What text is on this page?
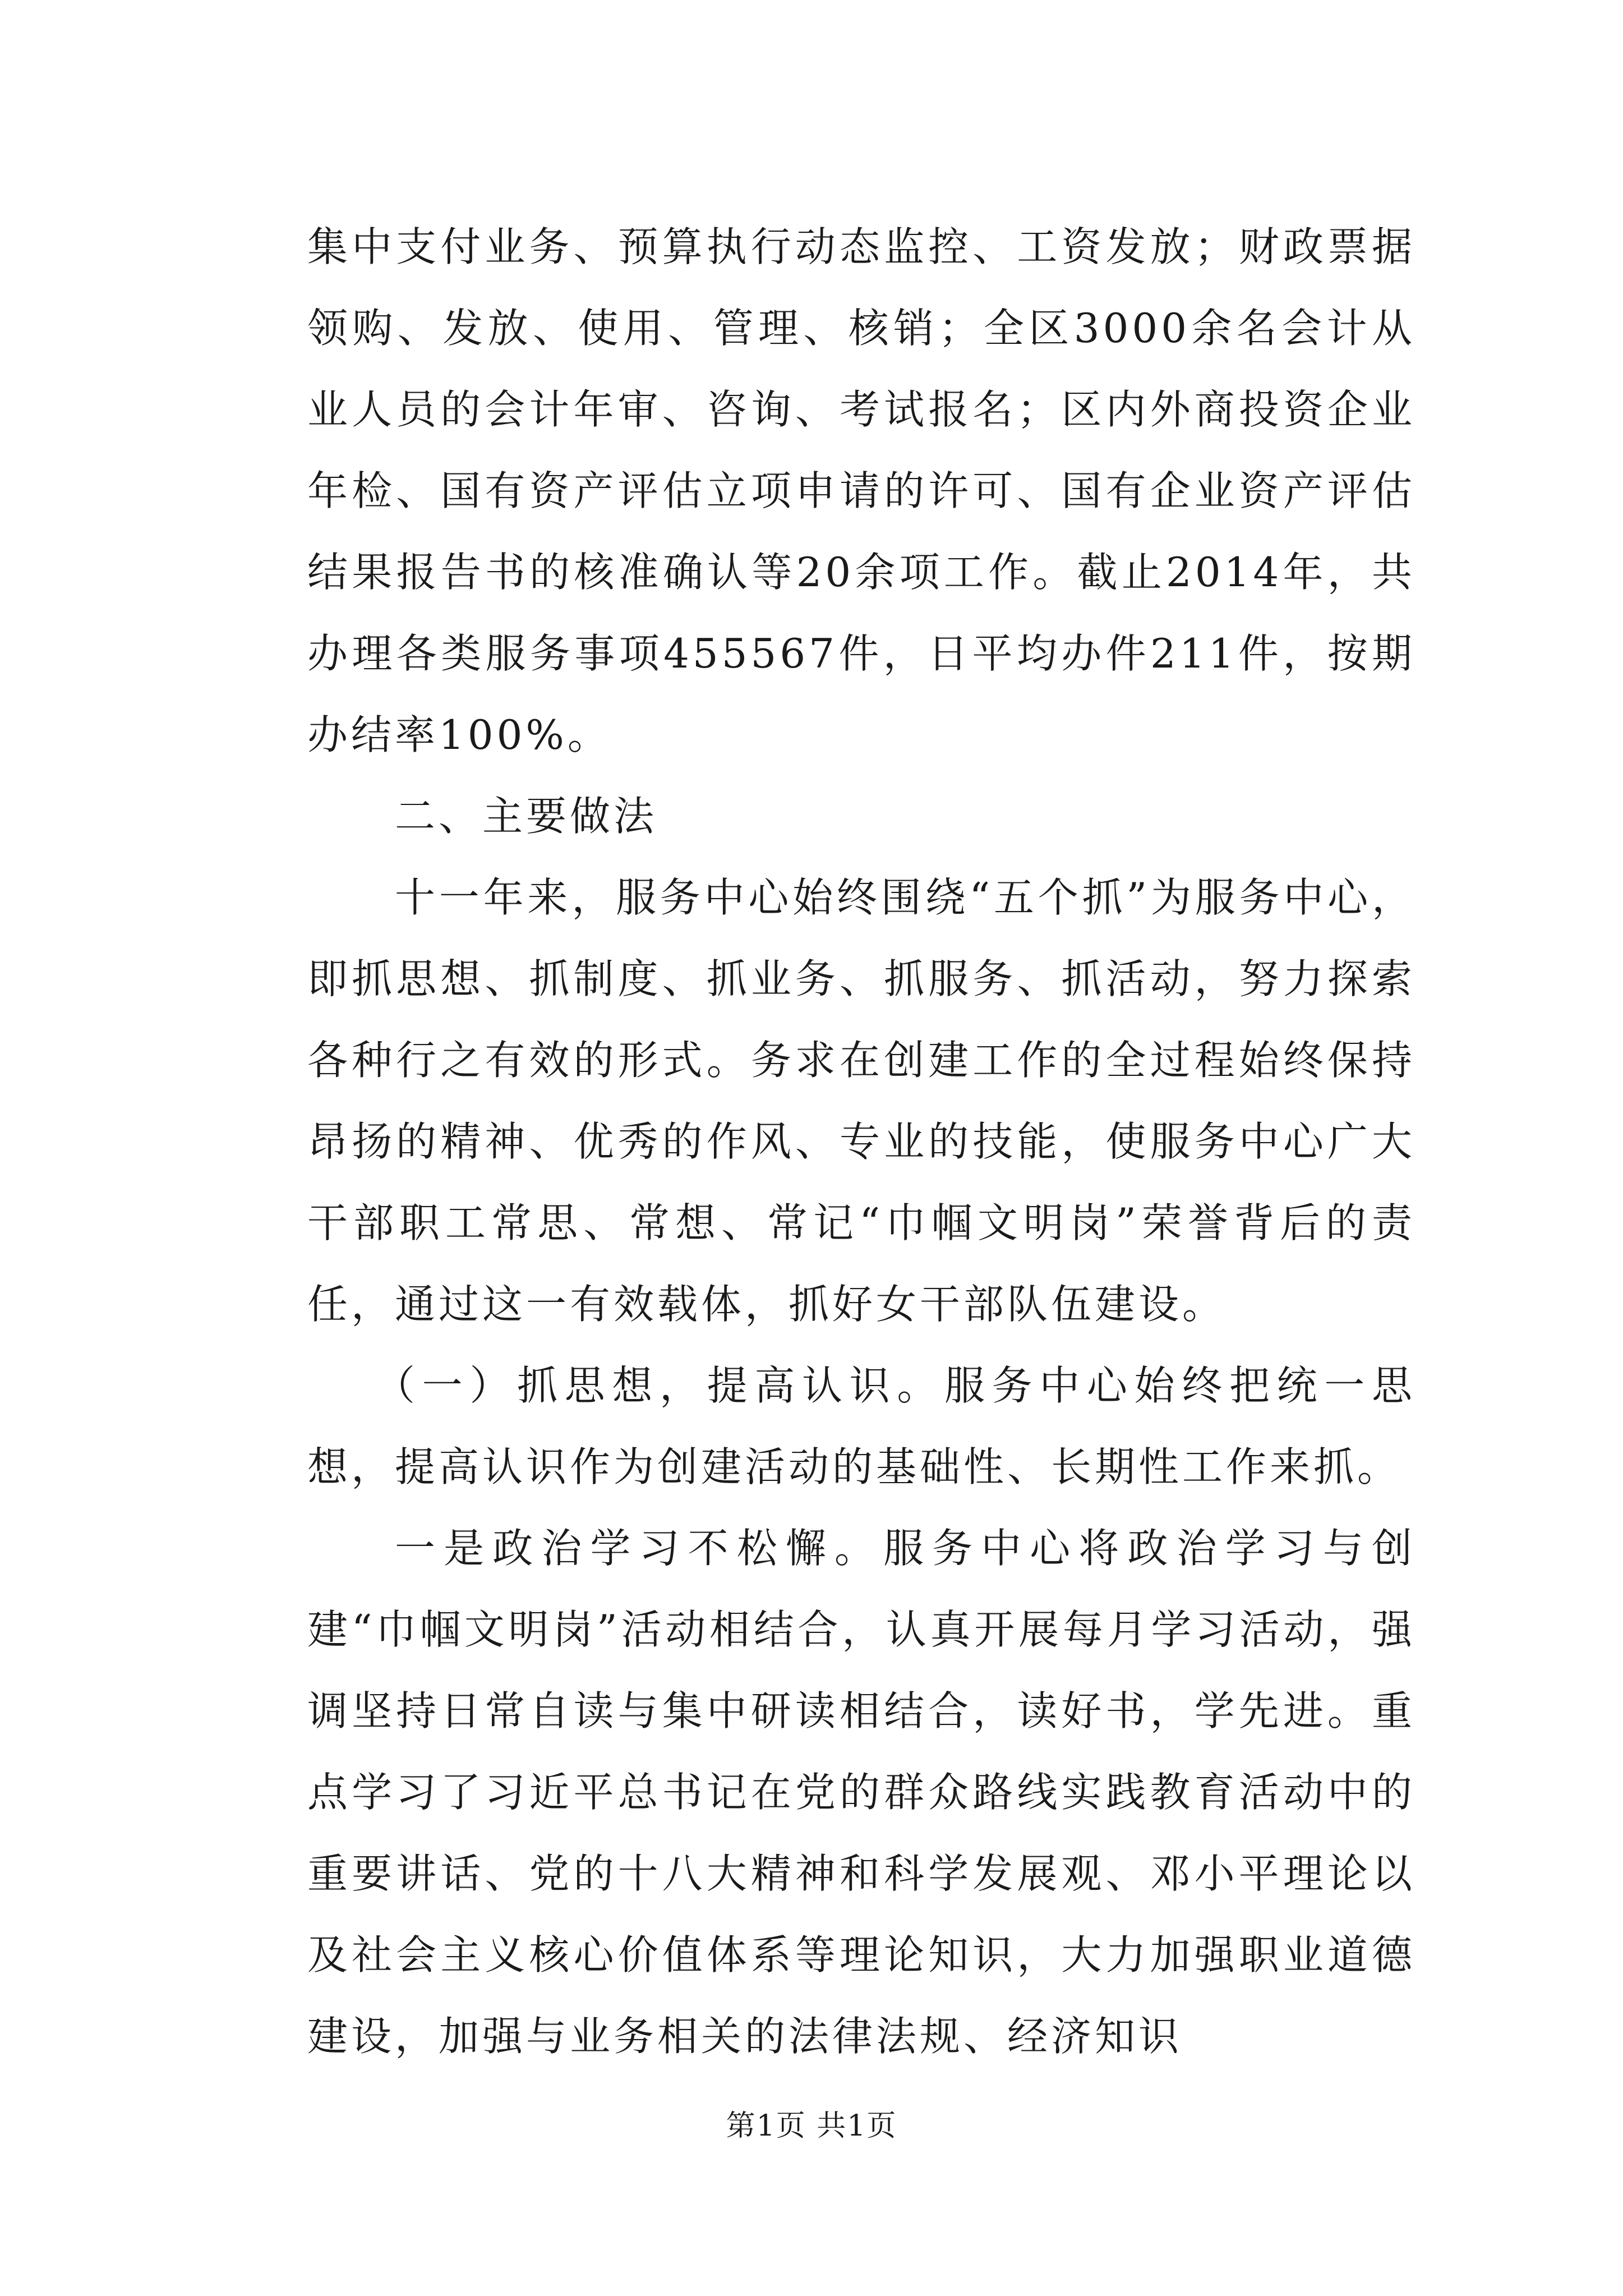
集中支付业务、预算执行动态监控、工资发放；财政票据领购、发放、使用、管理、核销；全区3000余名会计从业人员的会计年审、咨询、考试报名；区内外商投资企业年检、国有资产评估立项申请的许可、国有企业资产评估结果报告书的核准确认等20余项工作。截止2014年，共办理各类服务事项455567件，日平均办件211件，按期办结率100%。

二、主要做法

十一年来，服务中心始终围绕“五个抓”为服务中心，即抓思想、抓制度、抓业务、抓服务、抓活动，努力探索各种行之有效的形式。务求在创建工作的全过程始终保持昂扬的精神、优秀的作风、专业的技能，使服务中心广大干部职工常思、常想、常记“巾帼文明岗”荣誉背后的责任，通过这一有效载体，抓好女干部队伍建设。

（一）抓思想，提高认识。服务中心始终把统一思想，提高认识作为创建活动的基础性、长期性工作来抓。

一是政治学习不松懈。服务中心将政治学习与创建“巾帼文明岗”活动相结合，认真开展每月学习活动，强调坚持日常自读与集中研读相结合，读好书，学先进。重点学习了习近平总书记在党的群众路线实践教育活动中的重要讲话、党的十八大精神和科学发展观、邓小平理论以及社会主义核心价值体系等理论知识，大力加强职业道德建设，加强与业务相关的法律法规、经济知识

第1页 共1页
